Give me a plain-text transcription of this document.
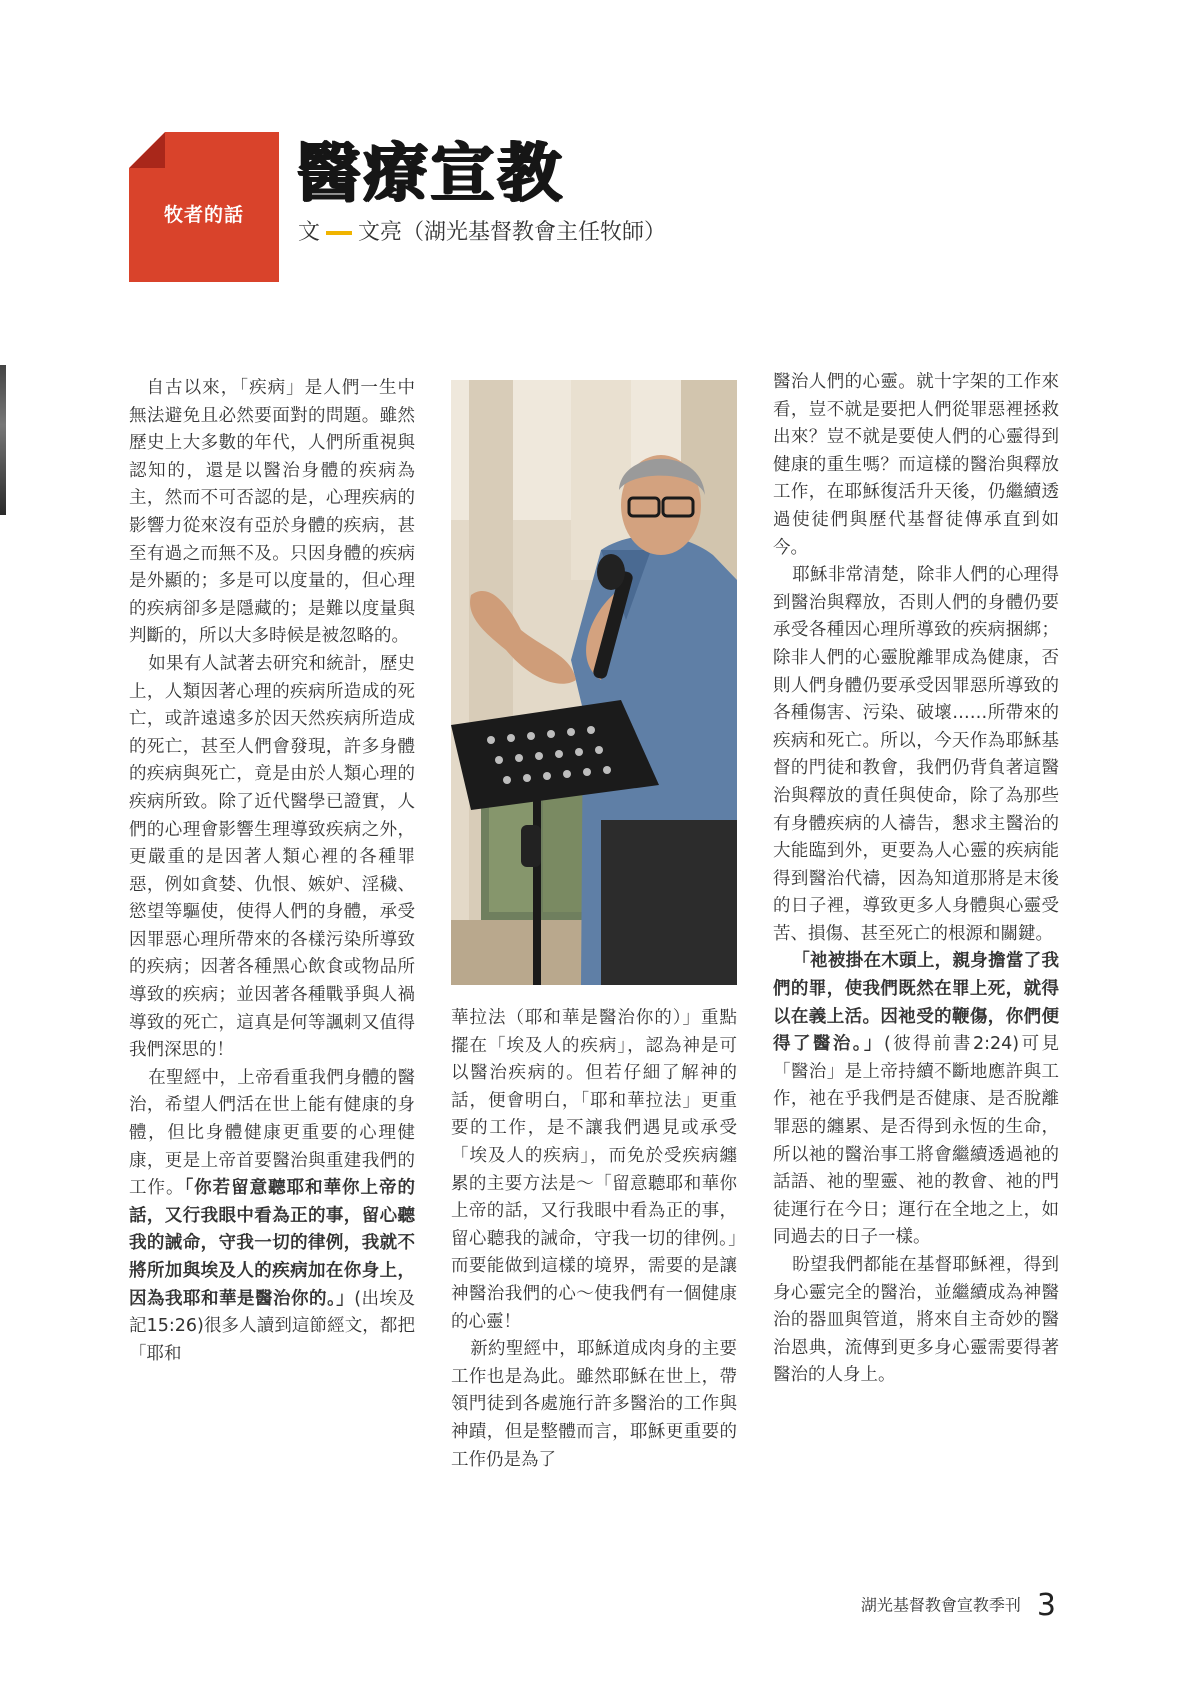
牧者的話
醫療宣教
文 文亮（湖光基督教會主任牧師）

自古以來，「疾病」是人們一生中無法避免且必然要面對的問題。雖然歷史上大多數的年代，人們所重視與認知的，還是以醫治身體的疾病為主，然而不可否認的是，心理疾病的影響力從來沒有亞於身體的疾病，甚至有過之而無不及。只因身體的疾病是外顯的；多是可以度量的，但心理的疾病卻多是隱藏的；是難以度量與判斷的，所以大多時候是被忽略的。

如果有人試著去研究和統計，歷史上，人類因著心理的疾病所造成的死亡，或許遠遠多於因天然疾病所造成的死亡，甚至人們會發現，許多身體的疾病與死亡，竟是由於人類心理的疾病所致。除了近代醫學已證實，人們的心理會影響生理導致疾病之外，更嚴重的是因著人類心裡的各種罪惡，例如貪婪、仇恨、嫉妒、淫穢、慾望等驅使，使得人們的身體，承受因罪惡心理所帶來的各樣污染所導致的疾病；因著各種黑心飲食或物品所導致的疾病；並因著各種戰爭與人禍導致的死亡，這真是何等諷刺又值得我們深思的！

在聖經中，上帝看重我們身體的醫治，希望人們活在世上能有健康的身體，但比身體健康更重要的心理健康，更是上帝首要醫治與重建我們的工作。「你若留意聽耶和華你上帝的話，又行我眼中看為正的事，留心聽我的誡命，守我一切的律例，我就不將所加與埃及人的疾病加在你身上，因為我耶和華是醫治你的。」(出埃及記15:26)很多人讀到這節經文，都把「耶和

華拉法（耶和華是醫治你的）」重點擺在「埃及人的疾病」，認為神是可以醫治疾病的。但若仔細了解神的話，便會明白，「耶和華拉法」更重要的工作，是不讓我們遇見或承受「埃及人的疾病」，而免於受疾病纏累的主要方法是～「留意聽耶和華你上帝的話，又行我眼中看為正的事，留心聽我的誡命，守我一切的律例。」而要能做到這樣的境界，需要的是讓神醫治我們的心～使我們有一個健康的心靈！

新約聖經中，耶穌道成肉身的主要工作也是為此。雖然耶穌在世上，帶領門徒到各處施行許多醫治的工作與神蹟，但是整體而言，耶穌更重要的工作仍是為了

醫治人們的心靈。就十字架的工作來看，豈不就是要把人們從罪惡裡拯救出來？豈不就是要使人們的心靈得到健康的重生嗎？而這樣的醫治與釋放工作，在耶穌復活升天後，仍繼續透過使徒們與歷代基督徒傳承直到如今。

耶穌非常清楚，除非人們的心理得到醫治與釋放，否則人們的身體仍要承受各種因心理所導致的疾病捆綁；除非人們的心靈脫離罪成為健康，否則人們身體仍要承受因罪惡所導致的各種傷害、污染、破壞……所帶來的疾病和死亡。所以，今天作為耶穌基督的門徒和教會，我們仍背負著這醫治與釋放的責任與使命，除了為那些有身體疾病的人禱告，懇求主醫治的大能臨到外，更要為人心靈的疾病能得到醫治代禱，因為知道那將是末後的日子裡，導致更多人身體與心靈受苦、損傷、甚至死亡的根源和關鍵。

「祂被掛在木頭上，親身擔當了我們的罪，使我們既然在罪上死，就得以在義上活。因祂受的鞭傷，你們便得了醫治。」(彼得前書2:24)可見「醫治」是上帝持續不斷地應許與工作，祂在乎我們是否健康、是否脫離罪惡的纏累、是否得到永恆的生命，所以祂的醫治事工將會繼續透過祂的話語、祂的聖靈、祂的教會、祂的門徒運行在今日；運行在全地之上，如同過去的日子一樣。

盼望我們都能在基督耶穌裡，得到身心靈完全的醫治，並繼續成為神醫治的器皿與管道，將來自主奇妙的醫治恩典，流傳到更多身心靈需要得著醫治的人身上。

湖光基督教會宣教季刊 3
